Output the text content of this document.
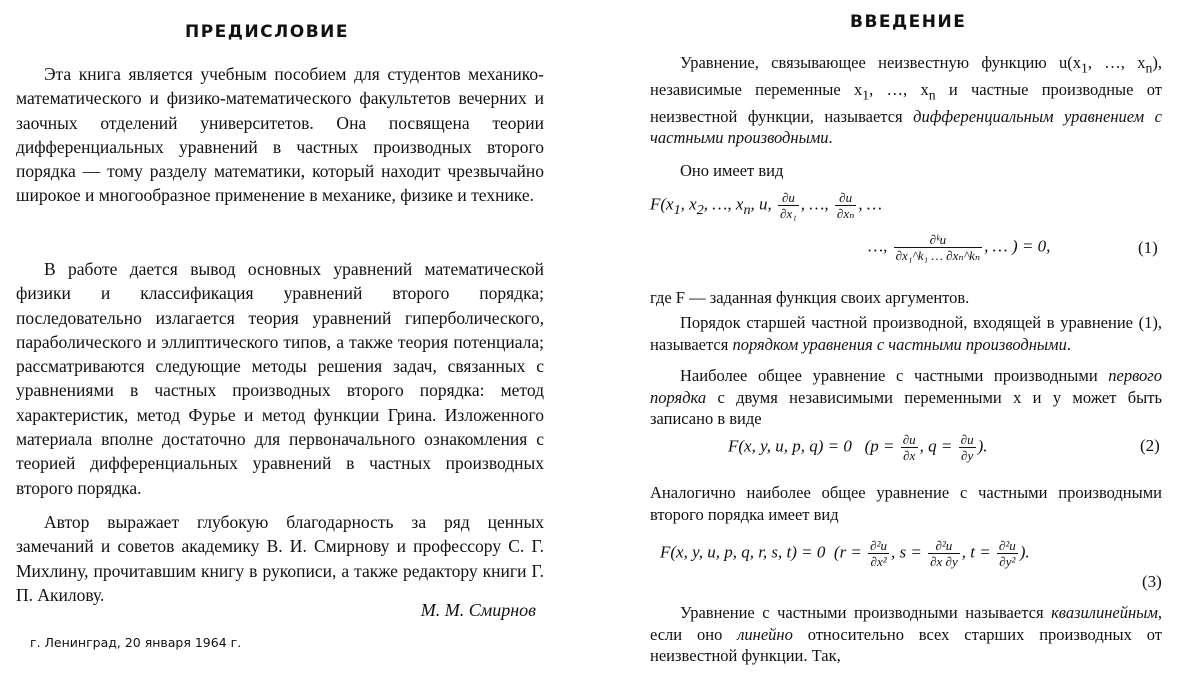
ПРЕДИСЛОВИЕ

Эта книга является учебным пособием для студентов механико-математического и физико-математического факультетов вечерних и заочных отделений университетов. Она посвящена теории дифференциальных уравнений в частных производных второго порядка — тому разделу математики, который находит чрезвычайно широкое и многообразное применение в механике, физике и технике.

В работе дается вывод основных уравнений математической физики и классификация уравнений второго порядка; последовательно излагается теория уравнений гиперболического, параболического и эллиптического типов, а также теория потенциала; рассматриваются следующие методы решения задач, связанных с уравнениями в частных производных второго порядка: метод характеристик, метод Фурье и метод функции Грина. Изложенного материала вполне достаточно для первоначального ознакомления с теорией дифференциальных уравнений в частных производных второго порядка.

Автор выражает глубокую благодарность за ряд ценных замечаний и советов академику В. И. Смирнову и профессору С. Г. Михлину, прочитавшим книгу в рукописи, а также редактору книги Г. П. Акилову.

М. М. Смирнов

г. Ленинград, 20 января 1964 г.

ВВЕДЕНИЕ

Уравнение, связывающее неизвестную функцию $u(x_1$, …, $x_n$), независимые переменные $x_1$, …, $x_n$ и частные производные от неизвестной функции, называется дифференциальным уравнением с частными производными.

Оно имеет вид

$F(x_1$, $x_2$, …, $x_n$, u, $\frac{\partial u}{\text{∂x₁}}$ , …, $\frac{\partial u}{\text{∂xₙ}}$ , …
…, $\frac{\text{∂ᵏu}}{\text{∂x₁\textasciicircum{}k₁ … ∂xₙ\textasciicircum{}kₙ}}$ , … ) = 0,	(1)

где F — заданная функция своих аргументов.

Порядок старшей частной производной, входящей в уравнение (1), называется порядком уравнения с частными производными.

Наиболее общее уравнение с частными производными первого порядка с двумя независимыми переменными x и y может быть записано в виде

F(x, y, u, p, q) = 0 ($p = \frac{\partial u}{\partial x}$ , $q = \frac{\partial u}{\partial y}$ ).	(2)

Аналогично наиболее общее уравнение с частными производными второго порядка имеет вид

F(x, y, u, p, q, r, s, t) = 0 ($r = \frac{\text{∂²u}}{\text{∂x²}}$ , $s = \frac{\text{∂²u}}{\partial x \partial y}$ , $t = \frac{\text{∂²u}}{\text{∂y²}}$ ).

(3)

Уравнение с частными производными называется квазилинейным, если оно линейно относительно всех старших производных от неизвестной функции. Так,
